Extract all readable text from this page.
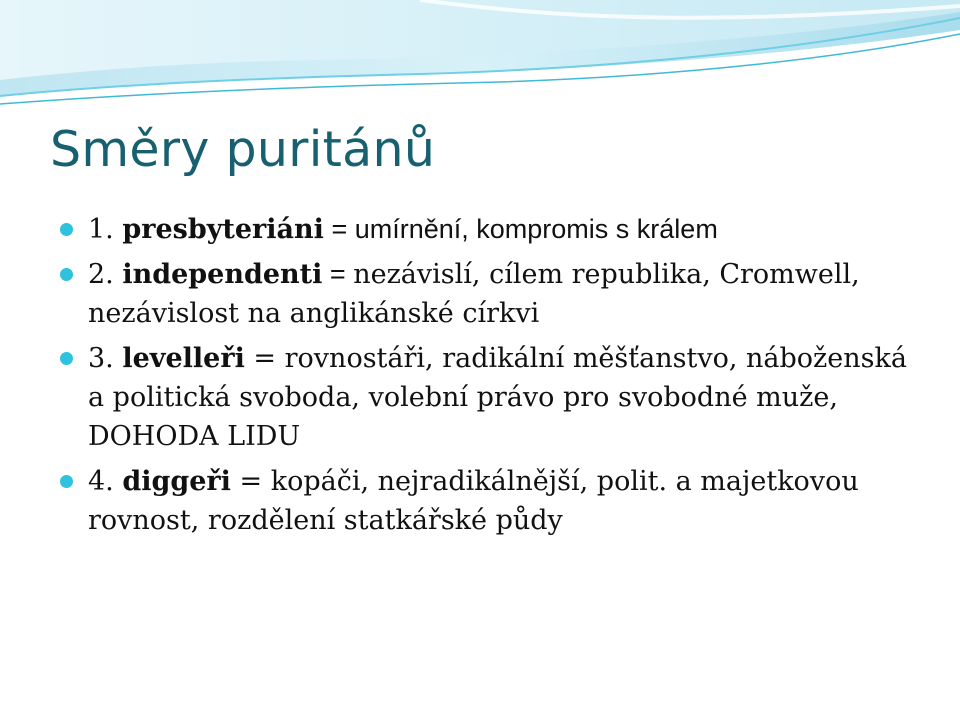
Směry puritánů
1. presbyteriáni = umírnění, kompromis s králem
2. independenti = nezávislí, cílem republika, Cromwell, nezávislost na anglikánské církvi
3. levelleři = rovnostáři, radikální měšťanstvo, náboženská a politická svoboda, volební právo pro svobodné muže, DOHODA LIDU
4. diggeři = kopáči, nejradikálnější, polit. a majetkovou rovnost, rozdělení statkářské půdy
